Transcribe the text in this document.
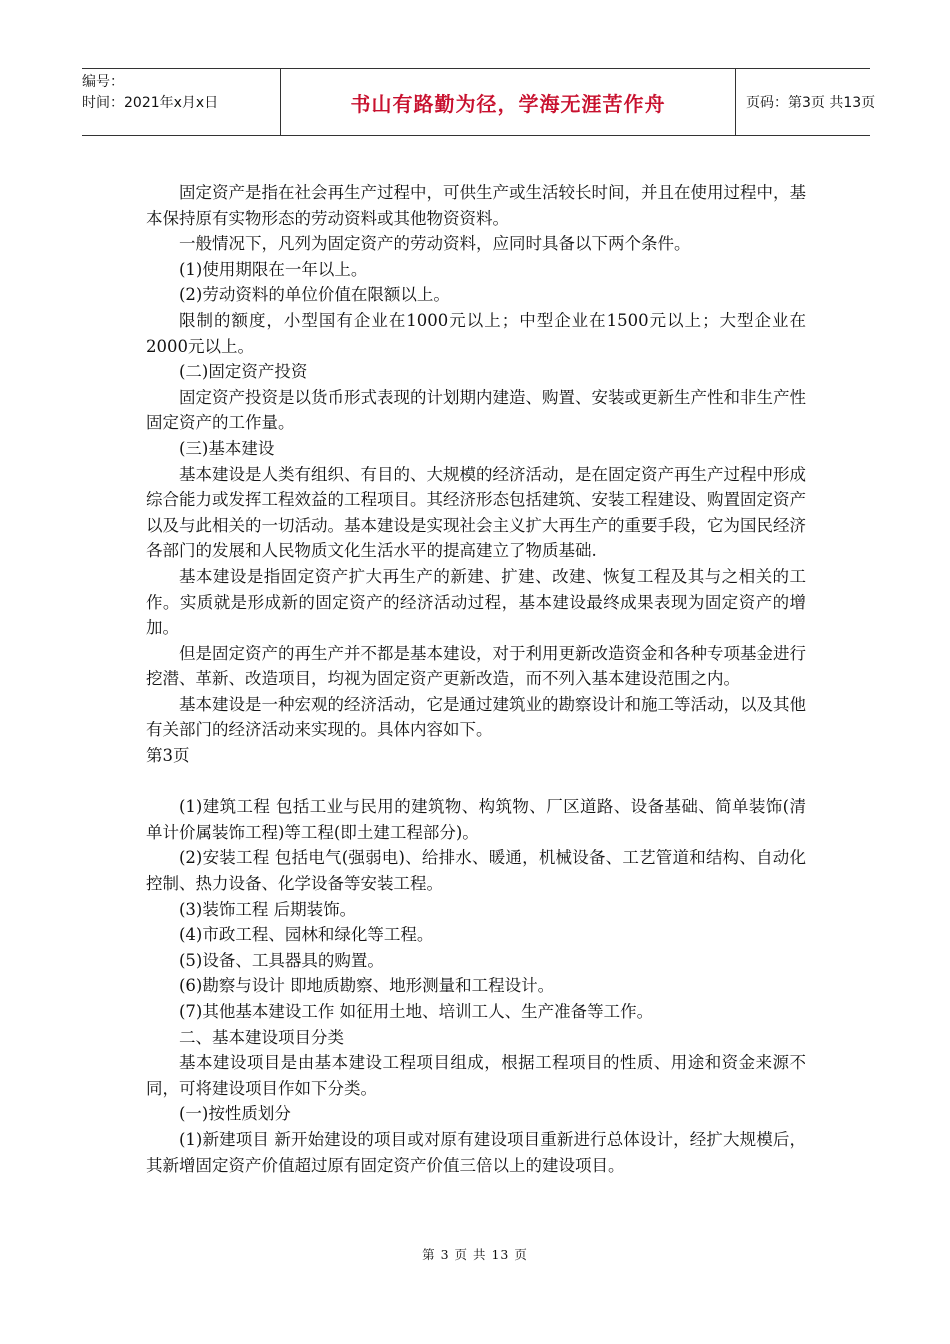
编号：
时间：2021年x月x日	书山有路勤为径，学海无涯苦作舟	页码：第3页 共13页

固定资产是指在社会再生产过程中，可供生产或生活较长时间，并且在使用过程中，基本保持原有实物形态的劳动资料或其他物资资料。

一般情况下，凡列为固定资产的劳动资料，应同时具备以下两个条件。

(1)使用期限在一年以上。

(2)劳动资料的单位价值在限额以上。

限制的额度，小型国有企业在1000元以上；中型企业在1500元以上；大型企业在2000元以上。

(二)固定资产投资

固定资产投资是以货币形式表现的计划期内建造、购置、安装或更新生产性和非生产性固定资产的工作量。

(三)基本建设

基本建设是人类有组织、有目的、大规模的经济活动，是在固定资产再生产过程中形成综合能力或发挥工程效益的工程项目。其经济形态包括建筑、安装工程建设、购置固定资产以及与此相关的一切活动。基本建设是实现社会主义扩大再生产的重要手段，它为国民经济各部门的发展和人民物质文化生活水平的提高建立了物质基础.

基本建设是指固定资产扩大再生产的新建、扩建、改建、恢复工程及其与之相关的工作。实质就是形成新的固定资产的经济活动过程，基本建设最终成果表现为固定资产的增加。

但是固定资产的再生产并不都是基本建设，对于利用更新改造资金和各种专项基金进行挖潜、革新、改造项目，均视为固定资产更新改造，而不列入基本建设范围之内。

基本建设是一种宏观的经济活动，它是通过建筑业的勘察设计和施工等活动，以及其他有关部门的经济活动来实现的。具体内容如下。

第3页

(1)建筑工程 包括工业与民用的建筑物、构筑物、厂区道路、设备基础、简单装饰(清单计价属装饰工程)等工程(即土建工程部分)。

(2)安装工程 包括电气(强弱电)、给排水、暖通，机械设备、工艺管道和结构、自动化控制、热力设备、化学设备等安装工程。

(3)装饰工程 后期装饰。

(4)市政工程、园林和绿化等工程。

(5)设备、工具器具的购置。

(6)勘察与设计 即地质勘察、地形测量和工程设计。

(7)其他基本建设工作 如征用土地、培训工人、生产准备等工作。

二、基本建设项目分类

基本建设项目是由基本建设工程项目组成，根据工程项目的性质、用途和资金来源不同，可将建设项目作如下分类。

(一)按性质划分

(1)新建项目 新开始建设的项目或对原有建设项目重新进行总体设计，经扩大规模后，其新增固定资产价值超过原有固定资产价值三倍以上的建设项目。

第 3 页 共 13 页
